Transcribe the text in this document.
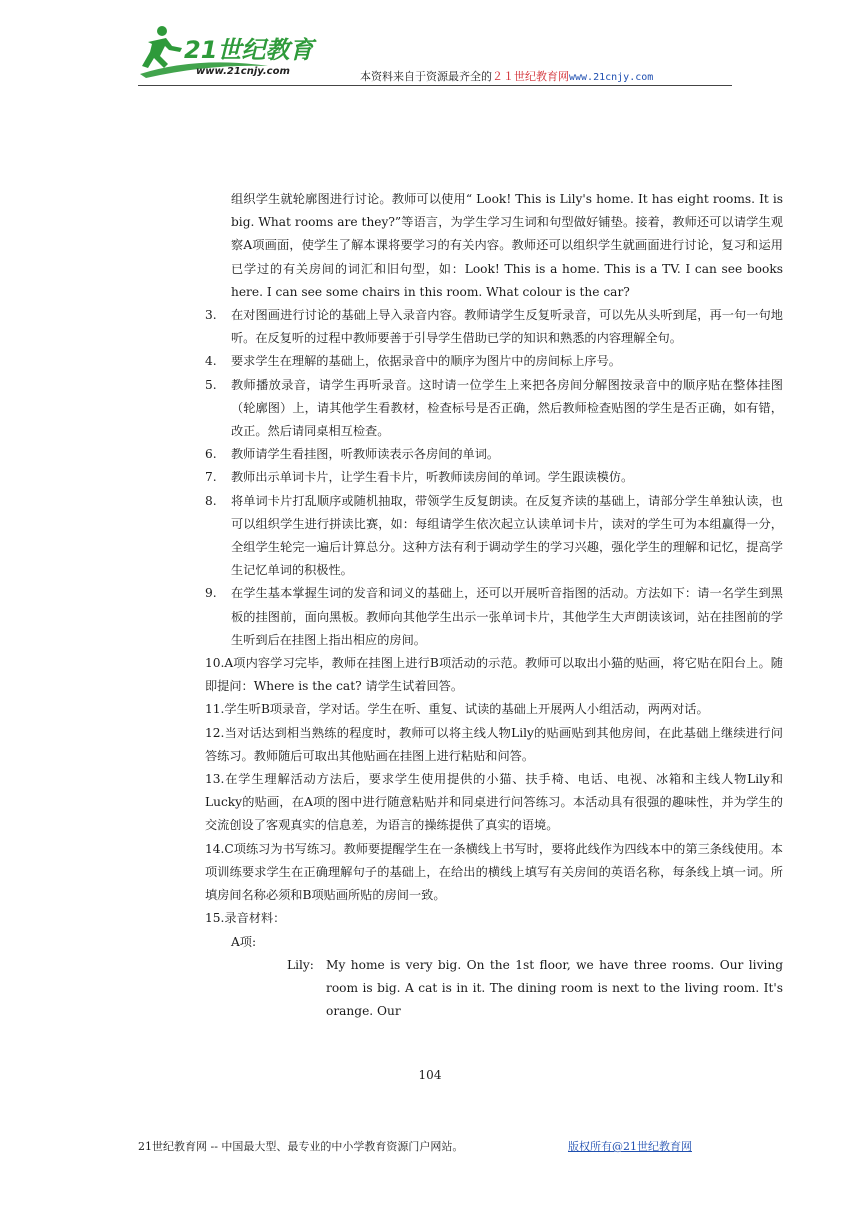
21世纪教育
www.21cnjy.com	本资料来自于资源最齐全的２１世纪教育网www.21cnjy.com

组织学生就轮廓图进行讨论。教师可以使用“ Look! This is Lily's home. It has eight rooms. It is big. What rooms are they?”等语言，为学生学习生词和句型做好铺垫。接着，教师还可以请学生观察A项画面，使学生了解本课将要学习的有关内容。教师还可以组织学生就画面进行讨论，复习和运用已学过的有关房间的词汇和旧句型，如：Look! This is a home. This is a TV. I can see books here. I can see some chairs in this room. What colour is the car?

3. 在对图画进行讨论的基础上导入录音内容。教师请学生反复听录音，可以先从头听到尾，再一句一句地听。在反复听的过程中教师要善于引导学生借助已学的知识和熟悉的内容理解全句。
4. 要求学生在理解的基础上，依据录音中的顺序为图片中的房间标上序号。
5. 教师播放录音，请学生再听录音。这时请一位学生上来把各房间分解图按录音中的顺序贴在整体挂图（轮廓图）上，请其他学生看教材，检查标号是否正确，然后教师检查贴图的学生是否正确，如有错，改正。然后请同桌相互检查。
6. 教师请学生看挂图，听教师读表示各房间的单词。
7. 教师出示单词卡片，让学生看卡片，听教师读房间的单词。学生跟读模仿。
8. 将单词卡片打乱顺序或随机抽取，带领学生反复朗读。在反复齐读的基础上，请部分学生单独认读，也可以组织学生进行拼读比赛，如：每组请学生依次起立认读单词卡片，读对的学生可为本组赢得一分，全组学生轮完一遍后计算总分。这种方法有利于调动学生的学习兴趣，强化学生的理解和记忆，提高学生记忆单词的积极性。
9. 在学生基本掌握生词的发音和词义的基础上，还可以开展听音指图的活动。方法如下：请一名学生到黑板的挂图前，面向黑板。教师向其他学生出示一张单词卡片，其他学生大声朗读该词，站在挂图前的学生听到后在挂图上指出相应的房间。
10.A项内容学习完毕，教师在挂图上进行B项活动的示范。教师可以取出小猫的贴画，将它贴在阳台上。随即提问：Where is the cat? 请学生试着回答。
11.学生听B项录音，学对话。学生在听、重复、试读的基础上开展两人小组活动，两两对话。
12.当对话达到相当熟练的程度时，教师可以将主线人物Lily的贴画贴到其他房间，在此基础上继续进行问答练习。教师随后可取出其他贴画在挂图上进行粘贴和问答。
13.在学生理解活动方法后，要求学生使用提供的小猫、扶手椅、电话、电视、冰箱和主线人物Lily和Lucky的贴画，在A项的图中进行随意粘贴并和同桌进行问答练习。本活动具有很强的趣味性，并为学生的交流创设了客观真实的信息差，为语言的操练提供了真实的语境。
14.C项练习为书写练习。教师要提醒学生在一条横线上书写时，要将此线作为四线本中的第三条线使用。本项训练要求学生在正确理解句子的基础上，在给出的横线上填写有关房间的英语名称，每条线上填一词。所填房间名称必须和B项贴画所贴的房间一致。
15.录音材料：

A项:

Lily: My home is very big. On the 1st floor, we have three rooms. Our living room is big. A cat is in it. The dining room is next to the living room. It's orange. Our
104
21世纪教育网 -- 中国最大型、最专业的中小学教育资源门户网站。	版权所有@21世纪教育网
